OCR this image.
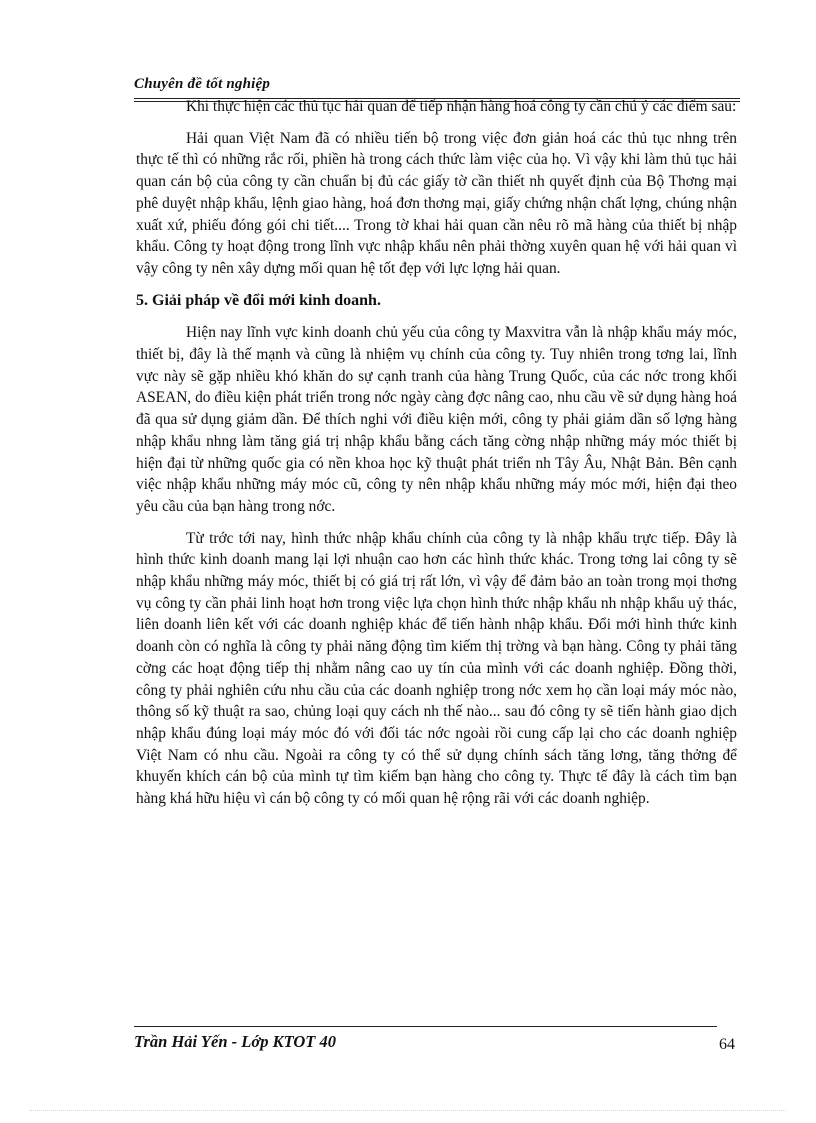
Chuyên đề tốt nghiệp

Khi thực hiện các thủ tục hải quan để tiếp nhận hàng hoá công ty cần chú ý các điểm sau:

Hải quan Việt Nam đã có nhiều tiến bộ trong việc đơn giản hoá các thủ tục nhng trên thực tế thì có những rắc rối, phiền hà trong cách thức làm việc của họ. Vì vậy khi làm thủ tục hải quan cán bộ của công ty cần chuẩn bị đủ các giấy tờ cần thiết nh quyết định của Bộ Thơng mại phê duyệt nhập khẩu, lệnh giao hàng, hoá đơn thơng mại, giấy chứng nhận chất lợng, chúng nhận xuất xứ, phiếu đóng gói chi tiết.... Trong tờ khai hải quan cần nêu rõ mã hàng của thiết bị nhập khẩu. Công ty hoạt động trong lĩnh vực nhập khẩu nên phải thờng xuyên quan hệ với hải quan vì vậy công ty nên xây dựng mối quan hệ tốt đẹp với lực lợng hải quan.

5. Giải pháp về đổi mới kinh doanh.

Hiện nay lĩnh vực kinh doanh chủ yếu của công ty Maxvitra vẫn là nhập khẩu máy móc, thiết bị, đây là thế mạnh và cũng là nhiệm vụ chính của công ty. Tuy nhiên trong tơng lai, lĩnh vực này sẽ gặp nhiều khó khăn do sự cạnh tranh của hàng Trung Quốc, của các nớc trong khối ASEAN, do điều kiện phát triển trong nớc ngày càng đợc nâng cao, nhu cầu về sử dụng hàng hoá đã qua sử dụng giảm dần. Để thích nghi với điều kiện mới, công ty phải giảm dần số lợng hàng nhập khẩu nhng làm tăng giá trị nhập khẩu bằng cách tăng cờng nhập những máy móc thiết bị hiện đại từ những quốc gia có nền khoa học kỹ thuật phát triển nh Tây Âu, Nhật Bản. Bên cạnh việc nhập khẩu những máy móc cũ, công ty nên nhập khẩu những máy móc mới, hiện đại theo yêu cầu của bạn hàng trong nớc.

Từ trớc tới nay, hình thức nhập khẩu chính của công ty là nhập khẩu trực tiếp. Đây là hình thức kinh doanh mang lại lợi nhuận cao hơn các hình thức khác. Trong tơng lai công ty sẽ nhập khẩu những máy móc, thiết bị có giá trị rất lớn, vì vậy để đảm bảo an toàn trong mọi thơng vụ công ty cần phải linh hoạt hơn trong việc lựa chọn hình thức nhập khẩu nh nhập khẩu uỷ thác, liên doanh liên kết với các doanh nghiệp khác để tiến hành nhập khẩu. Đổi mới hình thức kinh doanh còn có nghĩa là công ty phải năng động tìm kiếm thị trờng và bạn hàng. Công ty phải tăng cờng các hoạt động tiếp thị nhằm nâng cao uy tín của mình với các doanh nghiệp. Đồng thời, công ty phải nghiên cứu nhu cầu của các doanh nghiệp trong nớc xem họ cần loại máy móc nào, thông số kỹ thuật ra sao, chủng loại quy cách nh thế nào... sau đó công ty sẽ tiến hành giao dịch nhập khẩu đúng loại máy móc đó với đối tác nớc ngoài rồi cung cấp lại cho các doanh nghiệp Việt Nam có nhu cầu. Ngoài ra công ty có thể sử dụng chính sách tăng lơng, tăng thởng để khuyến khích cán bộ của mình tự tìm kiếm bạn hàng cho công ty. Thực tế đây là cách tìm bạn hàng khá hữu hiệu vì cán bộ công ty có mối quan hệ rộng rãi với các doanh nghiệp.

Trần Hải Yến - Lớp KTOT 40	64
